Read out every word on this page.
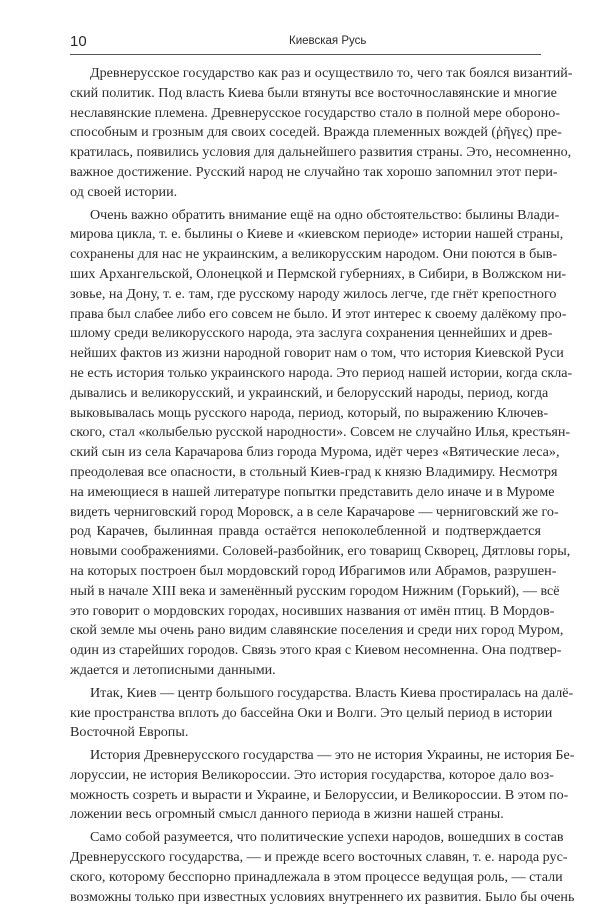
10	Киевская Русь
Древнерусское государство как раз и осуществило то, чего так боялся византий-
ский политик. Под власть Киева были втянуты все восточнославянские и многие
неславянские племена. Древнерусское государство стало в полной мере обороно-
способным и грозным для своих соседей. Вражда племенных вождей (ῥῆγες) пре-
кратилась, появились условия для дальнейшего развития страны. Это, несомненно,
важное достижение. Русский народ не случайно так хорошо запомнил этот пери-
од своей истории.
Очень важно обратить внимание ещё на одно обстоятельство: былины Влади-
мирова цикла, т. е. былины о Киеве и «киевском периоде» истории нашей страны,
сохранены для нас не украинским, а великорусским народом. Они поются в быв-
ших Архангельской, Олонецкой и Пермской губерниях, в Сибири, в Волжском ни-
зовье, на Дону, т. е. там, где русскому народу жилось легче, где гнёт крепостного
права был слабее либо его совсем не было. И этот интерес к своему далёкому про-
шлому среди великорусского народа, эта заслуга сохранения ценнейших и древ-
нейших фактов из жизни народной говорит нам о том, что история Киевской Руси
не есть история только украинского народа. Это период нашей истории, когда скла-
дывались и великорусский, и украинский, и белорусский народы, период, когда
выковывалась мощь русского народа, период, который, по выражению Ключев-
ского, стал «колыбелью русской народности». Совсем не случайно Илья, крестьян-
ский сын из села Карачарова близ города Мурома, идёт через «Вятические леса»,
преодолевая все опасности, в стольный Киев-град к князю Владимиру. Несмотря
на имеющиеся в нашей литературе попытки представить дело иначе и в Муроме
видеть черниговский город Моровск, а в селе Карачарове — черниговский же го-
род Карачев, былинная правда остаётся непоколебленной и подтверждается
новыми соображениями. Соловей-разбойник, его товарищ Скворец, Дятловы горы,
на которых построен был мордовский город Ибрагимов или Абрамов, разрушен-
ный в начале XIII века и заменённый русским городом Нижним (Горький), — всё
это говорит о мордовских городах, носивших названия от имён птиц. В Мордов-
ской земле мы очень рано видим славянские поселения и среди них город Муром,
один из старейших городов. Связь этого края с Киевом несомненна. Она подтвер-
ждается и летописными данными.
Итак, Киев — центр большого государства. Власть Киева простиралась на далё-
кие пространства вплоть до бассейна Оки и Волги. Это целый период в истории
Восточной Европы.
История Древнерусского государства — это не история Украины, не история Бе-
лоруссии, не история Великороссии. Это история государства, которое дало воз-
можность созреть и вырасти и Украине, и Белоруссии, и Великороссии. В этом по-
ложении весь огромный смысл данного периода в жизни нашей страны.
Само собой разумеется, что политические успехи народов, вошедших в состав
Древнерусского государства, — и прежде всего восточных славян, т. е. народа рус-
ского, которому бесспорно принадлежала в этом процессе ведущая роль, — стали
возможны только при известных условиях внутреннего их развития. Было бы очень
